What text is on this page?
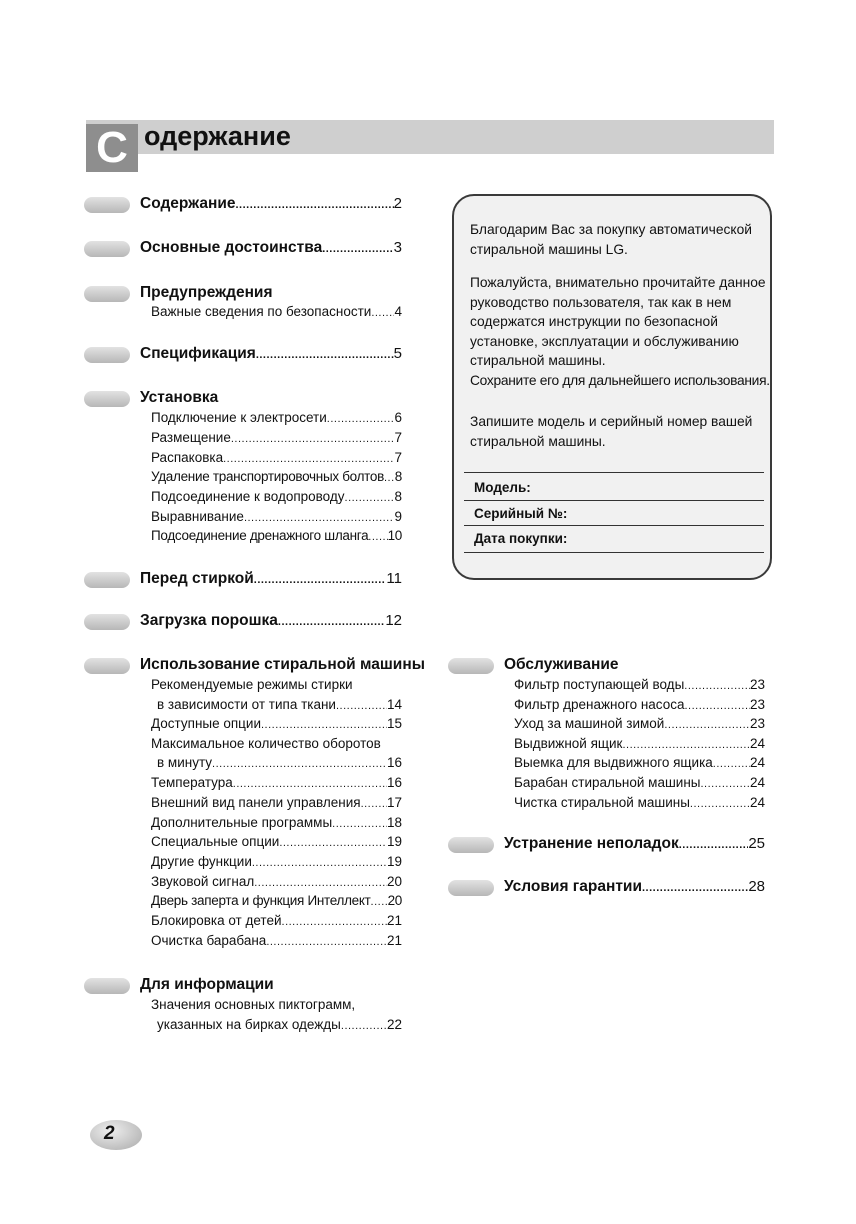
C одержание
Содержание .....	2
Основные достоинства .....	3
Предупреждения
Важные сведения по безопасности ..... 4
Спецификация .....	5
Установка
Подключение к электросети .....	6
Размещение .....	7
Распаковка .....	7
Удаление транспортировочных болтов ..... 8
Подсоединение к водопроводу .....	8
Выравнивание .....	9
Подсоединение дренажного шланга ..... 10
Перед стиркой .....	11
Загрузка порошка .....	12
Использование стиральной машины
Рекомендуемые режимы стирки
в зависимости от типа ткани .....	14
Доступные опции .....	15
Максимальное количество оборотов
в минуту .....	16
Температура .....	16
Внешний вид панели управления ..... 17
Дополнительные программы .....	18
Специальные опции .....	19
Другие функции .....	19
Звуковой сигнал .....	20
Дверь заперта и функция Интеллект ..... 20
Блокировка от детей .....	21
Очистка барабана .....	21
Для информации
Значения основных пиктограмм,
указанных на бирках одежды .....	22
Благодарим Вас за покупку автоматической
стиральной машины LG.
Пожалуйста, внимательно прочитайте данное
руководство пользователя, так как в нем
содержатся инструкции по безопасной
установке, эксплуатации и обслуживанию
стиральной машины.
Сохраните его для дальнейшего использования.
Запишите модель и серийный номер вашей
стиральной машины.
Модель:
Серийный №:
Дата покупки:
Обслуживание
Фильтр поступающей воды .....	23
Фильтр дренажного насоса .....	23
Уход за машиной зимой .....	23
Выдвижной ящик .....	24
Выемка для выдвижного ящика .....	24
Барабан стиральной машины .....	24
Чистка стиральной машины .....	24
Устранение неполадок .....	25
Условия гарантии .....	28
2
